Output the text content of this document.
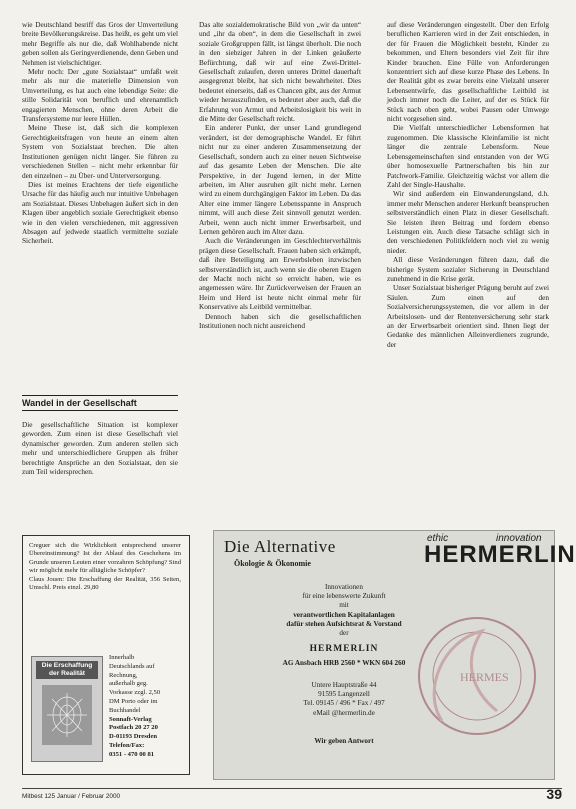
wie Deutschland besriff das Gros der Umverteilung breite Bevölkerungskreise. Das heißt, es geht um viel mehr Begriffe als nur die, daß Wohlhabende nicht geben sollen als Geringverdienende, denn Geben und Nehmen ist vielschichtiger.

Mehr noch: Der „gute Sozialstaat“ umfaßt weit mehr als nur die materielle Dimension von Umverteilung, es hat auch eine lebendige Seite: die stille Solidarität von beruflich und ehrenamtlich engagierten Menschen, ohne deren Arbeit die Transfersysteme nur leere Hüllen.

Meine These ist, daß sich die komplexen Gerechtigkeitsfragen von heute an einem alten System von Sozialstaat brechen. Die alten Institutionen genügen nicht länger. Sie führen zu verschiedenen Stellen – nicht mehr erkennbar für den einzelnen – zu Über- und Unterversorgung.

Dies ist meines Erachtens der tiefe eigentliche Ursache für das häufig auch nur intuitive Unbehagen am Sozialstaat. Dieses Unbehagen äußert sich in den Klagen über angeblich soziale Gerechtigkeit ebenso wie in den vielen verschiedenen, mit aggressiven Absagen auf jedwede staatlich vermittelte soziale Sicherheit.

Wandel in der Gesellschaft

Die gesellschaftliche Situation ist komplexer geworden. Zum einen ist diese Gesellschaft viel dynamischer geworden. Zum anderen stellen sich mehr und unterschiedlichere Gruppen als früher berechtigte Ansprüche an den Sozialstaat, den sie zum Teil widersprechen.

Das alte sozialdemokratische Bild von „wir da unten“ und „ihr da oben“, in dem die Gesellschaft in zwei soziale Großgruppen fällt, ist längst überholt. Die noch in den siebziger Jahren in der Linken geäußerte Befürchtung, daß wir auf eine Zwei-Drittel-Gesellschaft zulaufen, deren unteres Drittel dauerhaft ausgegrenzt bleibt, hat sich nicht bewahrheitet. Dies bedeutet einerseits, daß es Chancen gibt, aus der Armut wieder herauszufinden, es bedeutet aber auch, daß die Erfahrung von Armut und Arbeitslosigkeit bis weit in die Mitte der Gesellschaft reicht.

Ein anderer Punkt, der unser Land grundlegend verändert, ist der demographische Wandel. Er führt nicht nur zu einer anderen Zusammensetzung der Gesellschaft, sondern auch zu einer neuen Sichtweise auf das gesamte Leben der Menschen. Die alte Perspektive, in der Jugend lernen, in der Mitte arbeiten, im Alter ausruhen gilt nicht mehr. Lernen wird zu einem durchgängigen Faktor im Leben. Da das Alter eine immer längere Lebensspanne in Anspruch nimmt, will auch diese Zeit sinnvoll genutzt werden. Arbeit, wenn auch nicht immer Erwerbsarbeit, und Lernen gehören auch im Alter dazu.

Auch die Veränderungen im Geschlechterverhältnis prägen diese Gesellschaft. Frauen haben sich erkämpft, daß ihre Beteiligung am Erwerbsleben inzwischen selbstverständlich ist, auch wenn sie die oberen Etagen der Macht noch nicht so erreicht haben, wie es angemessen wäre. Ihr Zurückverweisen der Frauen an Heim und Herd ist heute nicht einmal mehr für Konservative als Leitbild vermittelbar.

Dennoch haben sich die gesellschaftlichen Institutionen noch nicht ausreichend

auf diese Veränderungen eingestellt. Über den Erfolg beruflichen Karrieren wird in der Zeit entschieden, in der für Frauen die Möglichkeit besteht, Kinder zu bekommen, und Eltern besonders viel Zeit für ihre Kinder brauchen. Eine Fülle von Anforderungen konzentriert sich auf diese kurze Phase des Lebens. In der Realität gibt es zwar bereits eine Vielzahl unserer Lebensentwürfe, das gesellschaftliche Leitbild ist jedoch immer noch die Leiter, auf der es Stück für Stück nach oben geht, wobei Pausen oder Umwege nicht vorgesehen sind.

Die Vielfalt unterschiedlicher Lebensformen hat zugenommen. Die klassische Kleinfamilie ist nicht länger die zentrale Lebensform. Neue Lebensgemeinschaften sind entstanden von der WG über homosexuelle Partnerschaften bis hin zur Patchwork-Familie. Gleichzeitig wächst vor allem die Zahl der Single-Haushalte.

Wir sind außerdem ein Einwanderungsland, d.h. immer mehr Menschen anderer Herkunft beanspruchen selbstverständlich einen Platz in dieser Gesellschaft. Sie leisten ihren Beitrag und fordern ebenso Leistungen ein. Auch diese Tatsache schlägt sich in den verschiedenen Politikfeldern noch viel zu wenig nieder.

All diese Veränderungen führen dazu, daß die bisherige System sozialer Sicherung in Deutschland zunehmend in die Krise gerät.

Unser Sozialstaat bisheriger Prägung beruht auf zwei Säulen. Zum einen auf den Sozialversicherungssystemen, die vor allem in der Arbeitslosen- und der Rentenversicherung sehr stark an der Erwerbsarbeit orientiert sind. Ihnen liegt der Gedanke des männlichen Alleinverdieners zugrunde, der

Creguer sich die Wirklichkeit entsprechend unserer Übereinstimmung? Ist der Ablauf des Geschehens im Grunde unseren Leuten einer vorzahren Schöpfung? Sind wir möglicht mehr für alltägliche Schöpfer?
Claus Jouen: Die Erschaffung der Realität, 356 Seiten, Umschl. Preis einzl. 29,80
Die Erschaffung der Realität
Innerhalb
Deutschlands auf
Rechnung,
außerhalb geg.
Vorkasse zzgl. 2,50
DM Porto oder im
Buchhandel
Sonnaft-Verlag
Postfach 20 27 20
D-01193 Dresden
Telefon/Fax:
0351 - 470 00 81
Die Alternative
Ökologie & Ökonomie
ethic	innovation
HERMERLIN
HERMES
Innovationen
für eine lebenswerte Zukunft
mit
verantwortlichen Kapitalanlagen
dafür stehen Aufsichtsrat & Vorstand
der
HERMERLIN
AG Ansbach HRB 2560 * WKN 604 260
Untere Hauptstraße 44
91595 Langenzell
Tel. 09145 / 496 * Fax / 497
eMail @hermerlin.de
Wir geben Antwort
Mitbest 125 Januar / Februar 2000	39
